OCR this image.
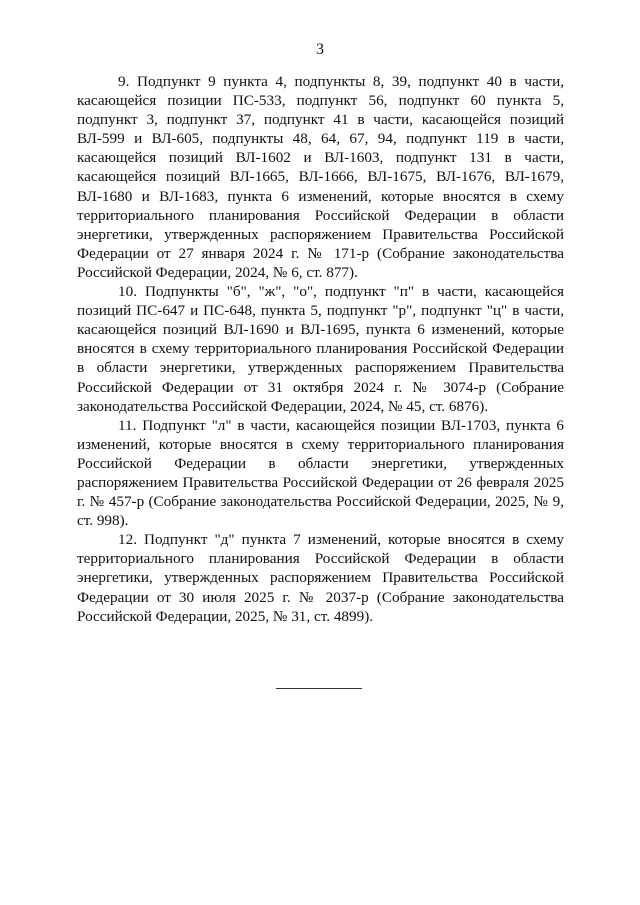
3

9. Подпункт 9 пункта 4, подпункты 8, 39, подпункт 40 в части, касающейся позиции ПС-533, подпункт 56, подпункт 60 пункта 5, подпункт 3, подпункт 37, подпункт 41 в части, касающейся позиций ВЛ-599 и ВЛ-605, подпункты 48, 64, 67, 94, подпункт 119 в части, касающейся позиций ВЛ-1602 и ВЛ-1603, подпункт 131 в части, касающейся позиций ВЛ-1665, ВЛ-1666, ВЛ-1675, ВЛ-1676, ВЛ-1679, ВЛ-1680 и ВЛ-1683, пункта 6 изменений, которые вносятся в схему территориального планирования Российской Федерации в области энергетики, утвержденных распоряжением Правительства Российской Федерации от 27 января 2024 г. № 171-р (Собрание законодательства Российской Федерации, 2024, № 6, ст. 877).

10. Подпункты "б", "ж", "о", подпункт "п" в части, касающейся позиций ПС-647 и ПС-648, пункта 5, подпункт "р", подпункт "ц" в части, касающейся позиций ВЛ-1690 и ВЛ-1695, пункта 6 изменений, которые вносятся в схему территориального планирования Российской Федерации в области энергетики, утвержденных распоряжением Правительства Российской Федерации от 31 октября 2024 г. № 3074-р (Собрание законодательства Российской Федерации, 2024, № 45, ст. 6876).

11. Подпункт "л" в части, касающейся позиции ВЛ-1703, пункта 6 изменений, которые вносятся в схему территориального планирования Российской Федерации в области энергетики, утвержденных распоряжением Правительства Российской Федерации от 26 февраля 2025 г. № 457-р (Собрание законодательства Российской Федерации, 2025, № 9, ст. 998).

12. Подпункт "д" пункта 7 изменений, которые вносятся в схему территориального планирования Российской Федерации в области энергетики, утвержденных распоряжением Правительства Российской Федерации от 30 июля 2025 г. № 2037-р (Собрание законодательства Российской Федерации, 2025, № 31, ст. 4899).
